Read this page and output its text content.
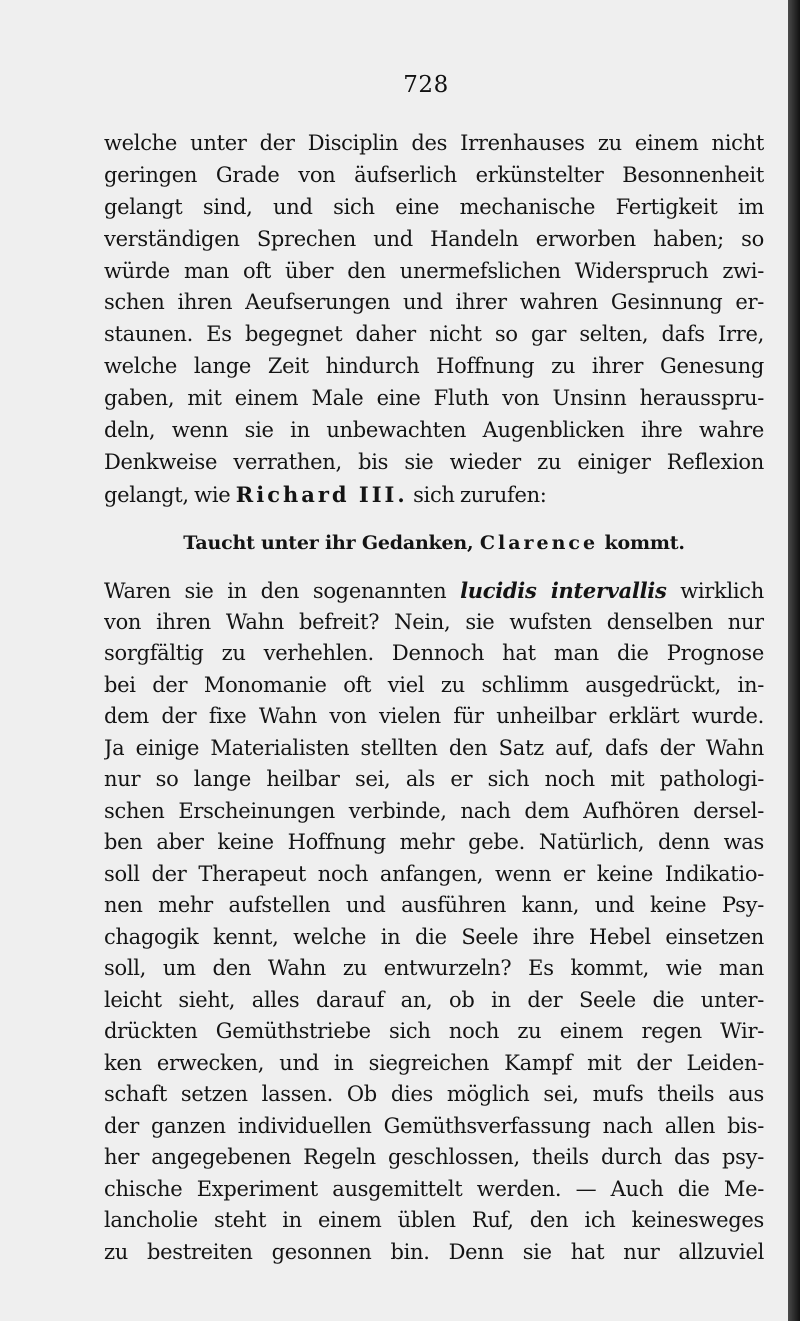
728
welche unter der Disciplin des Irrenhauses zu einem nicht
geringen Grade von äufserlich erkünstelter Besonnenheit
gelangt sind, und sich eine mechanische Fertigkeit im
verständigen Sprechen und Handeln erworben haben; so
würde man oft über den unermefslichen Widerspruch zwi-
schen ihren Aeufserungen und ihrer wahren Gesinnung er-
staunen. Es begegnet daher nicht so gar selten, dafs Irre,
welche lange Zeit hindurch Hoffnung zu ihrer Genesung
gaben, mit einem Male eine Fluth von Unsinn herausspru-
deln, wenn sie in unbewachten Augenblicken ihre wahre
Denkweise verrathen, bis sie wieder zu einiger Reflexion
gelangt, wie Richard III. sich zurufen:
Taucht unter ihr Gedanken, Clarence kommt.
Waren sie in den sogenannten lucidis intervallis wirklich
von ihren Wahn befreit? Nein, sie wufsten denselben nur
sorgfältig zu verhehlen. Dennoch hat man die Prognose
bei der Monomanie oft viel zu schlimm ausgedrückt, in-
dem der fixe Wahn von vielen für unheilbar erklärt wurde.
Ja einige Materialisten stellten den Satz auf, dafs der Wahn
nur so lange heilbar sei, als er sich noch mit pathologi-
schen Erscheinungen verbinde, nach dem Aufhören dersel-
ben aber keine Hoffnung mehr gebe. Natürlich, denn was
soll der Therapeut noch anfangen, wenn er keine Indikatio-
nen mehr aufstellen und ausführen kann, und keine Psy-
chagogik kennt, welche in die Seele ihre Hebel einsetzen
soll, um den Wahn zu entwurzeln? Es kommt, wie man
leicht sieht, alles darauf an, ob in der Seele die unter-
drückten Gemüthstriebe sich noch zu einem regen Wir-
ken erwecken, und in siegreichen Kampf mit der Leiden-
schaft setzen lassen. Ob dies möglich sei, mufs theils aus
der ganzen individuellen Gemüthsverfassung nach allen bis-
her angegebenen Regeln geschlossen, theils durch das psy-
chische Experiment ausgemittelt werden. — Auch die Me-
lancholie steht in einem üblen Ruf, den ich keinesweges
zu bestreiten gesonnen bin. Denn sie hat nur allzuviel
